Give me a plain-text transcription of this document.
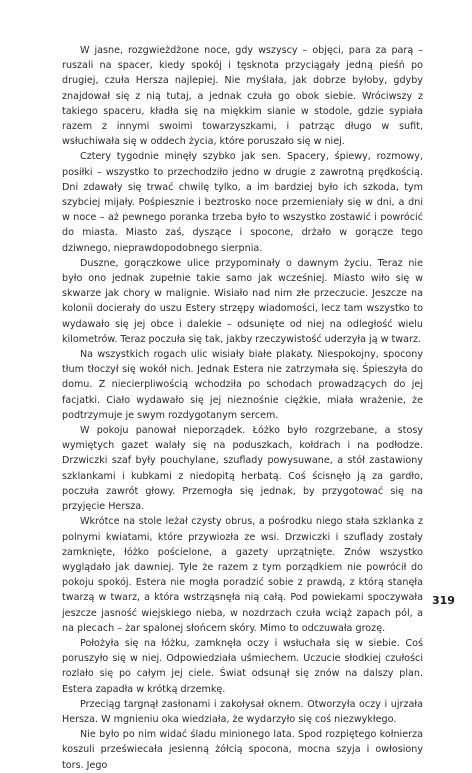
W jasne, rozgwieżdżone noce, gdy wszyscy – objęci, para za parą – ruszali na spacer, kiedy spokój i tęsknota przyciągały jedną pieśń po drugiej, czuła Hersza najlepiej. Nie myślała, jak dobrze byłoby, gdyby znajdował się z nią tutaj, a jednak czuła go obok siebie. Wróciwszy z takiego spaceru, kładła się na miękkim sianie w stodole, gdzie sypiała razem z innymi swoimi towarzyszkami, i patrząc długo w sufit, wsłuchiwała się w oddech życia, które poruszało się w niej.

Cztery tygodnie minęły szybko jak sen. Spacery, śpiewy, rozmowy, posiłki – wszystko to przechodziło jedno w drugie z zawrotną prędkością. Dni zdawały się trwać chwilę tylko, a im bardziej było ich szkoda, tym szybciej mijały. Pośpiesznie i beztrosko noce przemieniały się w dni, a dni w noce – aż pewnego poranka trzeba było to wszystko zostawić i powrócić do miasta. Miasto zaś, dyszące i spocone, drżało w gorącze tego dziwnego, nieprawdopodobnego sierpnia.

Duszne, gorączkowe ulice przypominały o dawnym życiu. Teraz nie było ono jednak zupełnie takie samo jak wcześniej. Miasto wiło się w skwarze jak chory w malignie. Wisiało nad nim złe przeczucie. Jeszcze na kolonii docierały do uszu Estery strzępy wiadomości, lecz tam wszystko to wydawało się jej obce i dalekie – odsunięte od niej na odległość wielu kilometrów. Teraz poczuła się tak, jakby rzeczywistość uderzyła ją w twarz.

Na wszystkich rogach ulic wisiały białe plakaty. Niespokojny, spocony tłum tłoczył się wokół nich. Jednak Estera nie zatrzymała się. Śpieszyła do domu. Z niecierpliwością wchodziła po schodach prowadzących do jej facjatki. Ciało wydawało się jej nieznośnie ciężkie, miała wrażenie, że podtrzymuje je swym rozdygotanym sercem.

W pokoju panował nieporządek. Łóżko było rozgrzebane, a stosy wymiętych gazet walały się na poduszkach, kołdrach i na podłodze. Drzwiczki szaf były pouchylane, szuflady powysuwane, a stół zastawiony szklankami i kubkami z niedopitą herbatą. Coś ścisnęło ją za gardło, poczuła zawrót głowy. Przemogła się jednak, by przygotować się na przyjęcie Hersza.

Wkrótce na stole leżał czysty obrus, a pośrodku niego stała szklanka z polnymi kwiatami, które przywiozła ze wsi. Drzwiczki i szuflady zostały zamknięte, łóżko pościelone, a gazety uprzątnięte. Znów wszystko wyglądało jak dawniej. Tyle że razem z tym porządkiem nie powrócił do pokoju spokój. Estera nie mogła poradzić sobie z prawdą, z którą stanęła twarzą w twarz, a która wstrząsnęła nią całą. Pod powiekami spoczywała jeszcze jasność wiejskiego nieba, w nozdrzach czuła wciąż zapach pól, a na plecach – żar spalonej słońcem skóry. Mimo to odczuwała grozę.

Położyła się na łóżku, zamknęła oczy i wsłuchała się w siebie. Coś poruszyło się w niej. Odpowiedziała uśmiechem. Uczucie słodkiej czułości rozlało się po całym jej ciele. Świat odsunął się znów na dalszy plan. Estera zapadła w krótką drzemkę.

Przeciąg targnął zasłonami i zakołysał oknem. Otworzyła oczy i ujrzała Hersza. W mgnieniu oka wiedziała, że wydarzyło się coś niezwykłego.

Nie było po nim widać śladu minionego lata. Spod rozpiętego kołnierza koszuli przeświecała jesienną żółcią spocona, mocna szyja i owłosiony tors. Jego

319
